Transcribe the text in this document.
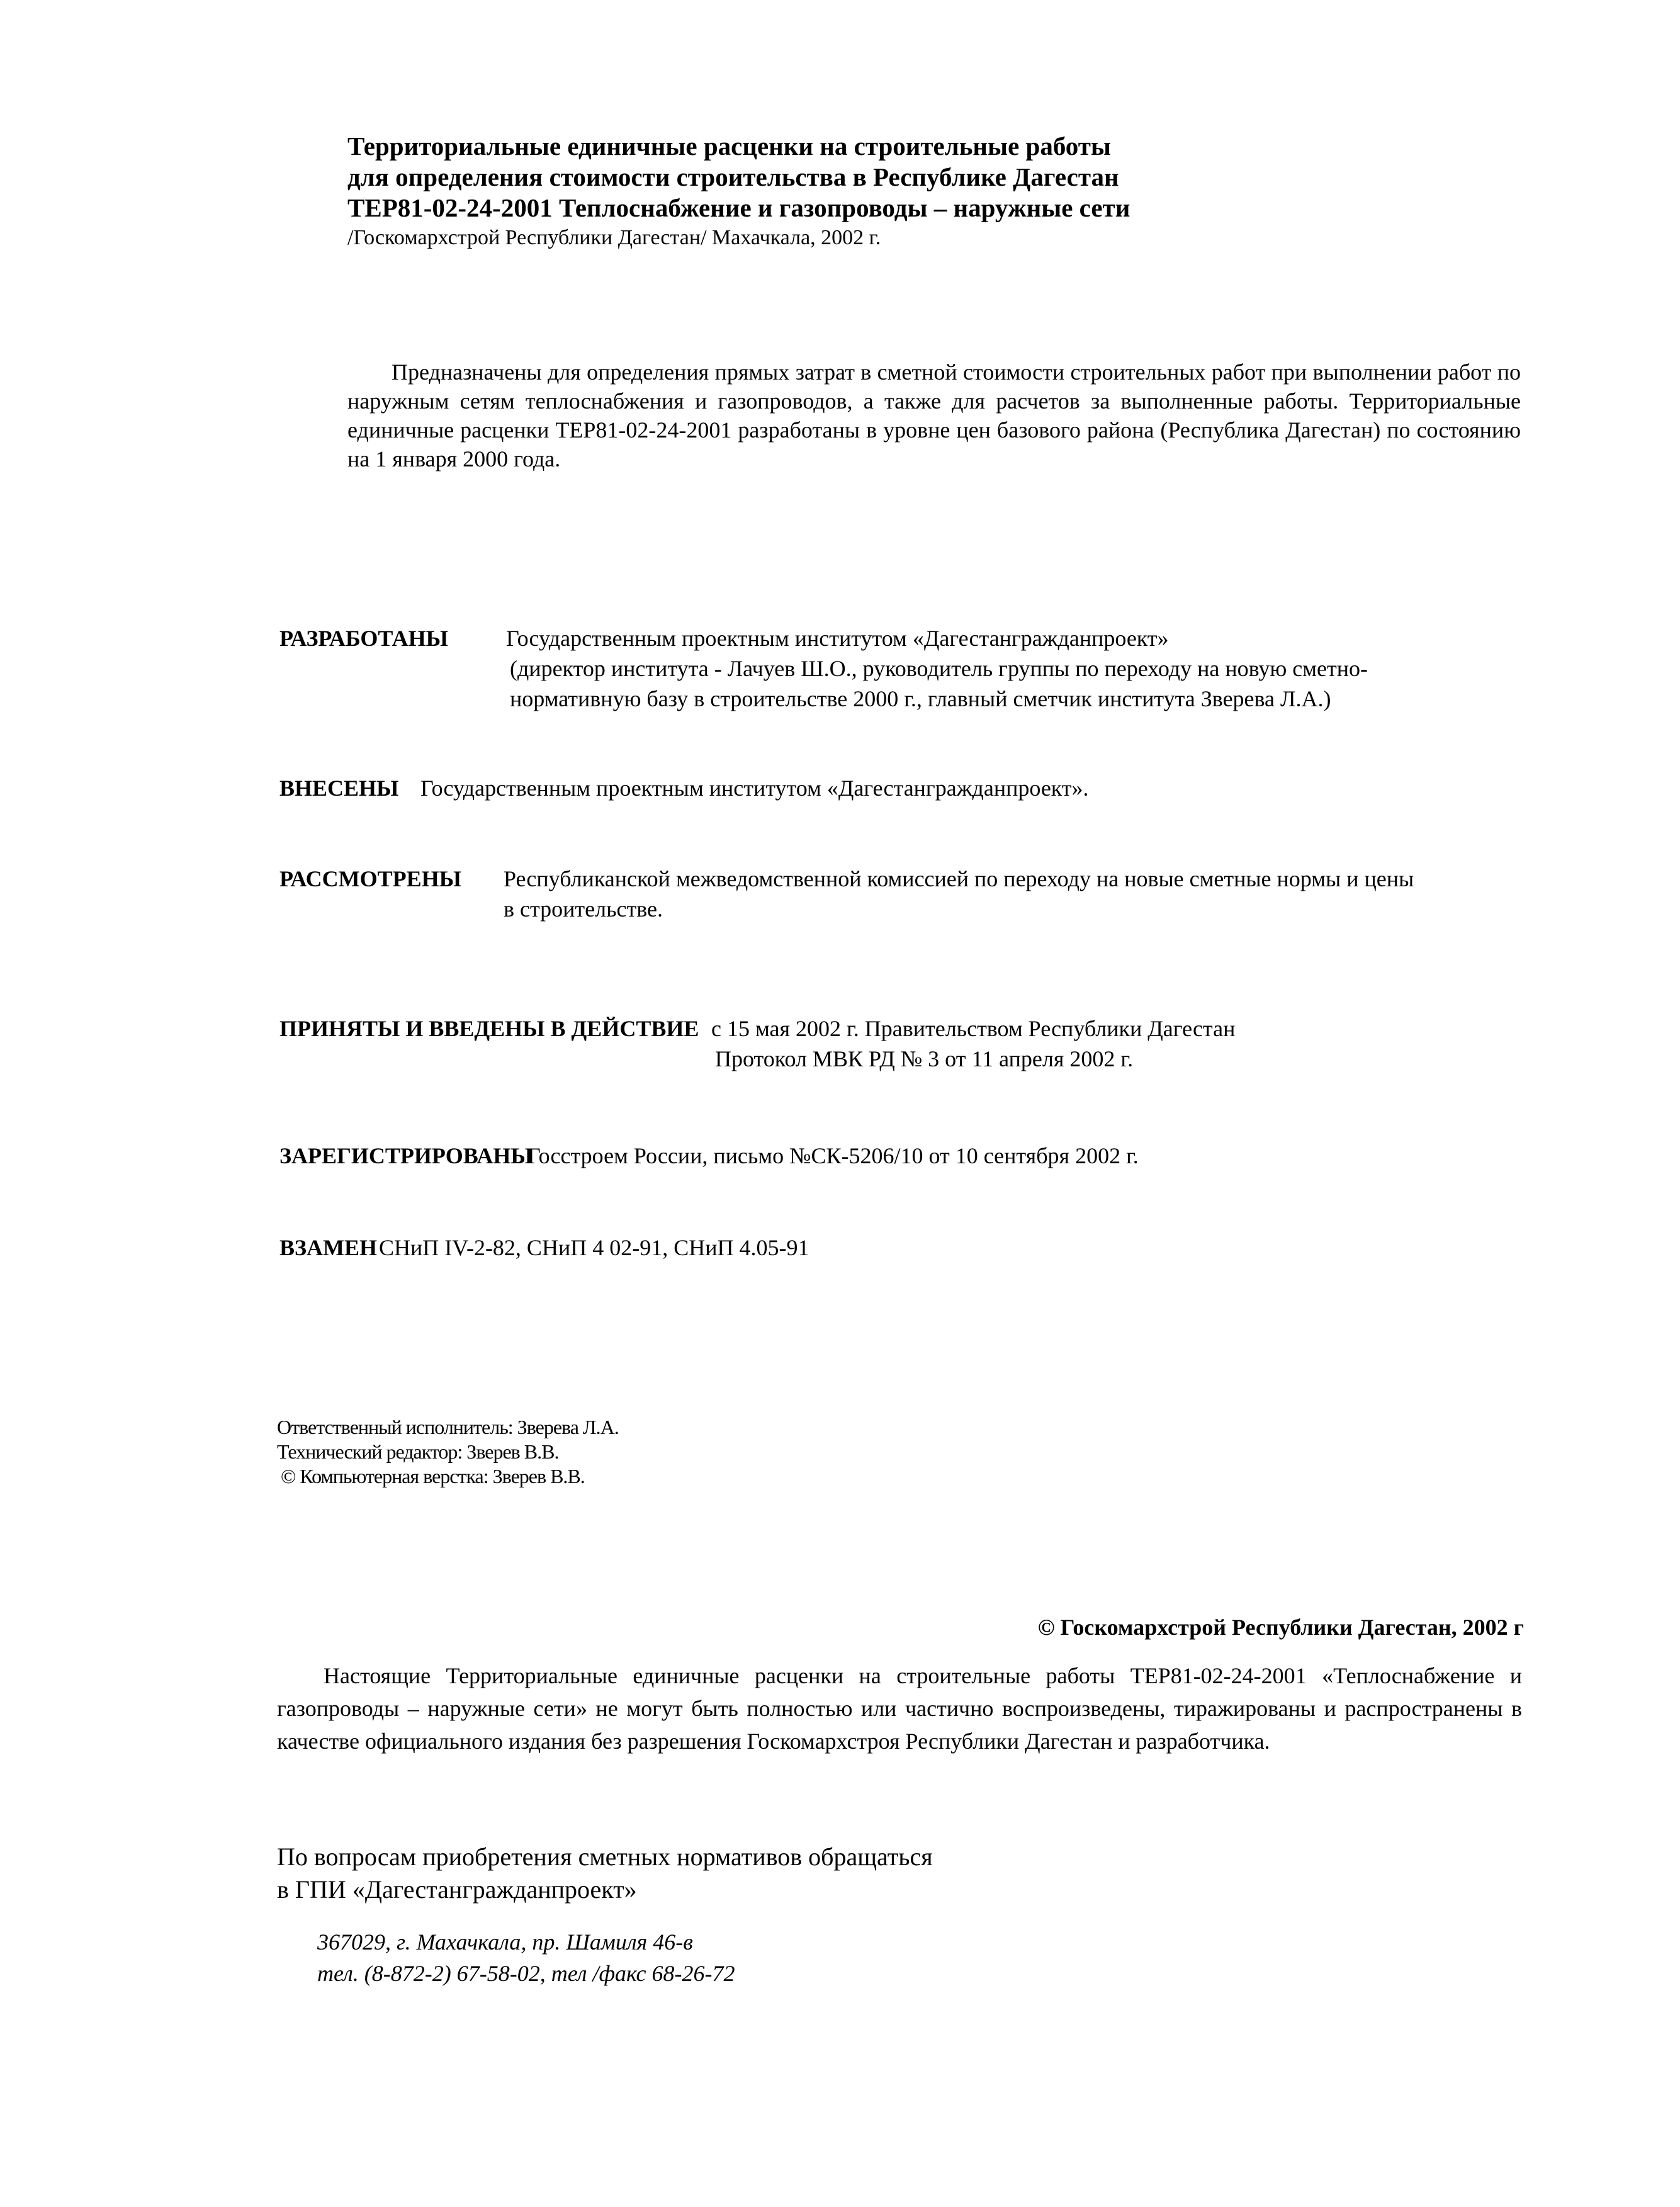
Территориальные единичные расценки на строительные работы
для определения стоимости строительства в Республике Дагестан
ТЕР81-02-24-2001 Теплоснабжение и газопроводы – наружные сети
/Госкомархстрой Республики Дагестан/ Махачкала, 2002 г.

Предназначены для определения прямых затрат в сметной стоимости строительных работ при выполнении работ по наружным сетям теплоснабжения и газопроводов, а также для расчетов за выполненные работы. Территориальные единичные расценки ТЕР81-02-24-2001 разработаны в уровне цен базового района (Республика Дагестан) по состоянию на 1 января 2000 года.

РАЗРАБОТАНЫ	Государственным проектным институтом «Дагестангражданпроект»
(директор института - Лачуев Ш.О., руководитель группы по переходу на новую сметно-
нормативную базу в строительстве 2000 г., главный сметчик института Зверева Л.А.)
ВНЕСЕНЫ Государственным проектным институтом «Дагестангражданпроект».
РАССМОТРЕНЫ Республиканской межведомственной комиссией по переходу на новые сметные нормы и цены
в строительстве.
ПРИНЯТЫ И ВВЕДЕНЫ В ДЕЙСТВИЕ с 15 мая 2002 г. Правительством Республики Дагестан
Протокол МВК РД № 3 от 11 апреля 2002 г.
ЗАРЕГИСТРИРОВАНЫ
Госстроем России, письмо №СК-5206/10 от 10 сентября 2002 г.
ВЗАМЕН СНиП IV-2-82, СНиП 4 02-91, СНиП 4.05-91
Ответственный исполнитель: Зверева Л.А.
Технический редактор: Зверев В.В.
© Компьютерная верстка: Зверев В.В.
© Госкомархстрой Республики Дагестан, 2002 г
Настоящие Территориальные единичные расценки на строительные работы ТЕР81-02-24-2001 «Теплоснабжение и газопроводы – наружные сети» не могут быть полностью или частично воспроизведены, тиражированы и распространены в качестве официального издания без разрешения Госкомархстроя Республики Дагестан и разработчика.
По вопросам приобретения сметных нормативов обращаться
в ГПИ «Дагестангражданпроект»
367029, г. Махачкала, пр. Шамиля 46-в
тел. (8-872-2) 67-58-02, тел /факс 68-26-72
